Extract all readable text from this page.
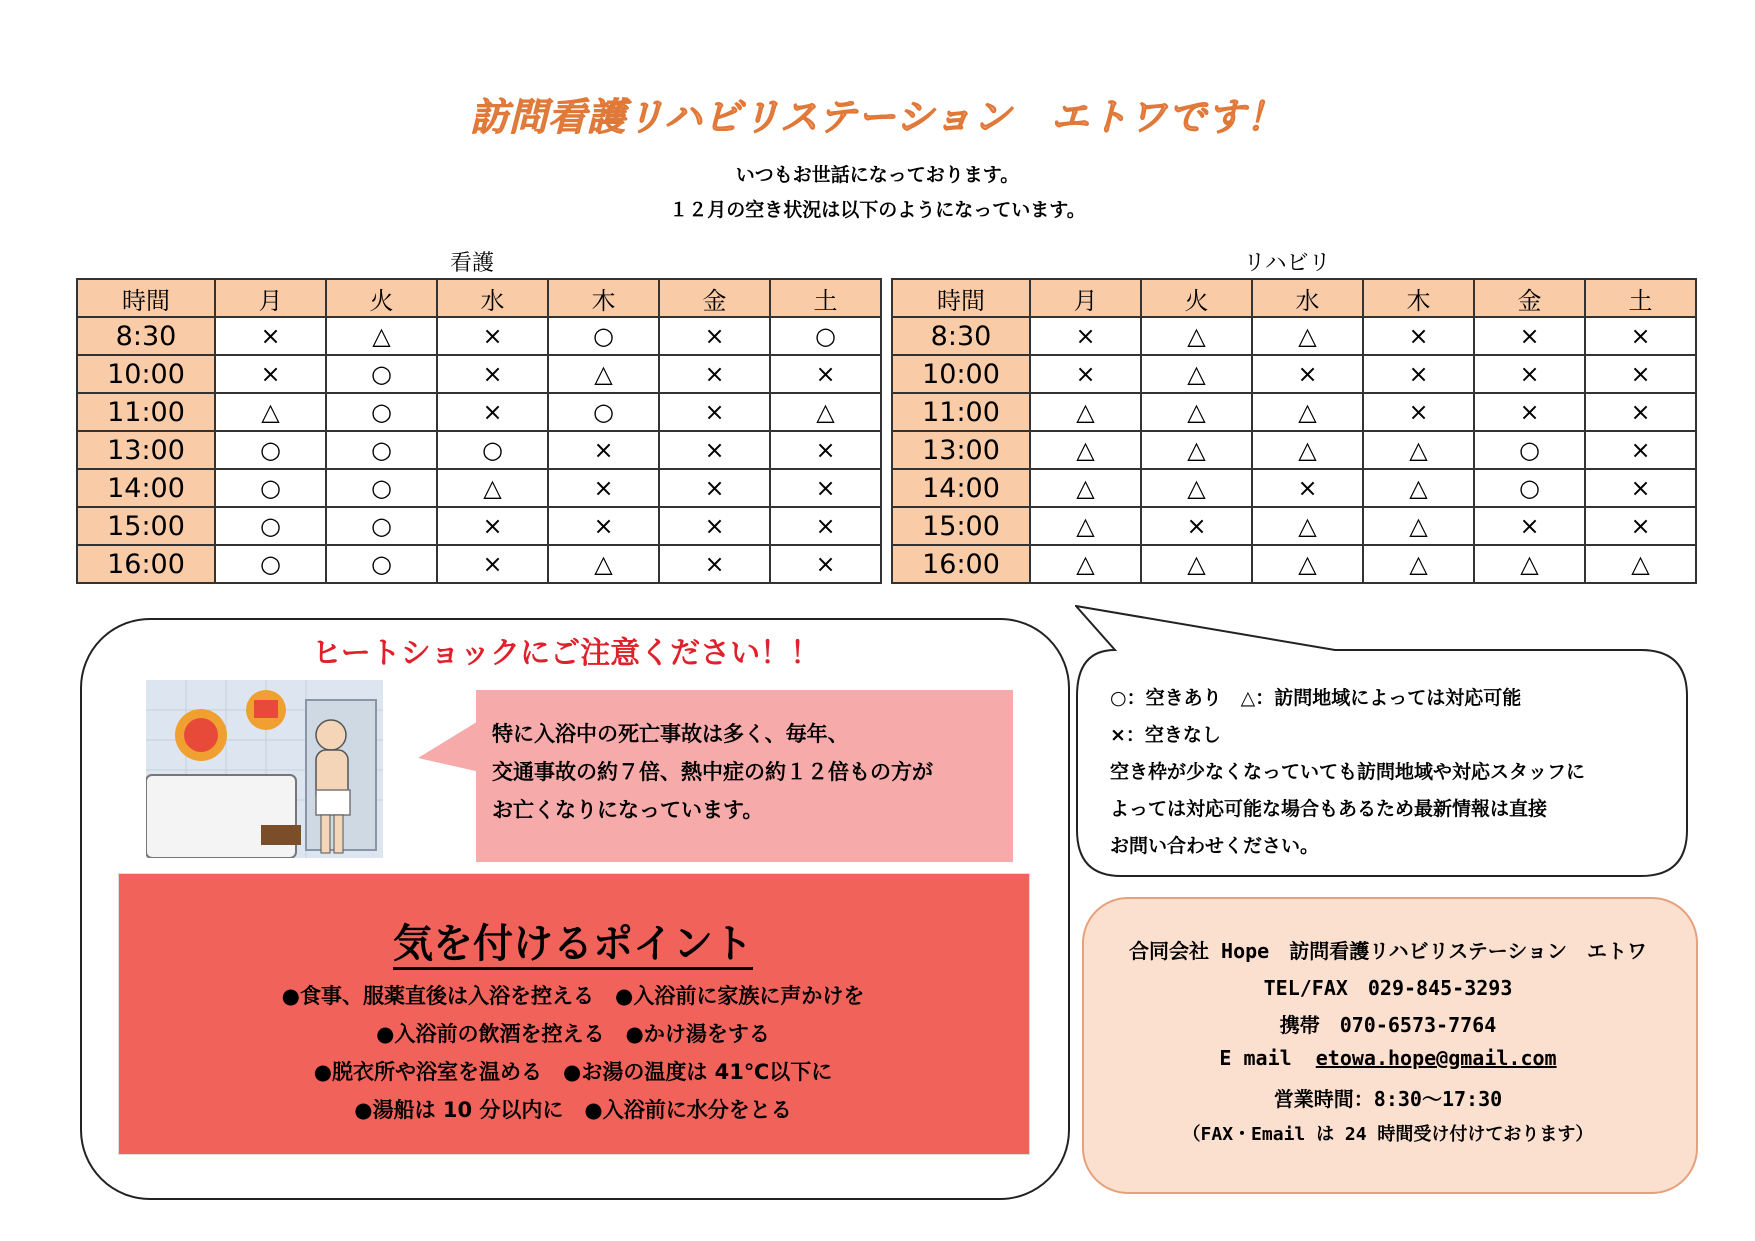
訪問看護リハビリステーション　エトワです！
いつもお世話になっております。
１２月の空き状況は以下のようになっています。
看護
時間	月	火	水	木	金	土
8:30	×	△	×	○	×	○
10:00	×	○	×	△	×	×
11:00	△	○	×	○	×	△
13:00	○	○	○	×	×	×
14:00	○	○	△	×	×	×
15:00	○	○	×	×	×	×
16:00	○	○	×	△	×	×
リハビリ
時間	月	火	水	木	金	土
8:30	×	△	△	×	×	×
10:00	×	△	×	×	×	×
11:00	△	△	△	×	×	×
13:00	△	△	△	△	○	×
14:00	△	△	×	△	○	×
15:00	△	×	△	△	×	×
16:00	△	△	△	△	△	△
ヒートショックにご注意ください！！
特に入浴中の死亡事故は多く、毎年、
交通事故の約７倍、熱中症の約１２倍もの方が
お亡くなりになっています。
気を付けるポイント
●食事、服薬直後は入浴を控える　●入浴前に家族に声かけを
●入浴前の飲酒を控える　●かけ湯をする
●脱衣所や浴室を温める　●お湯の温度は 41℃以下に
●湯船は 10 分以内に　●入浴前に水分をとる
○：空きあり　△：訪問地域によっては対応可能
×：空きなし
空き枠が少なくなっていても訪問地域や対応スタッフに
よっては対応可能な場合もあるため最新情報は直接
お問い合わせください。
合同会社 Hope　訪問看護リハビリステーション　エトワ
TEL/FAX　029-845-3293
携帯　070-6573-7764
E mail etowa.hope@gmail.com
営業時間：8:30～17:30
（FAX・Email は 24 時間受け付けております）
